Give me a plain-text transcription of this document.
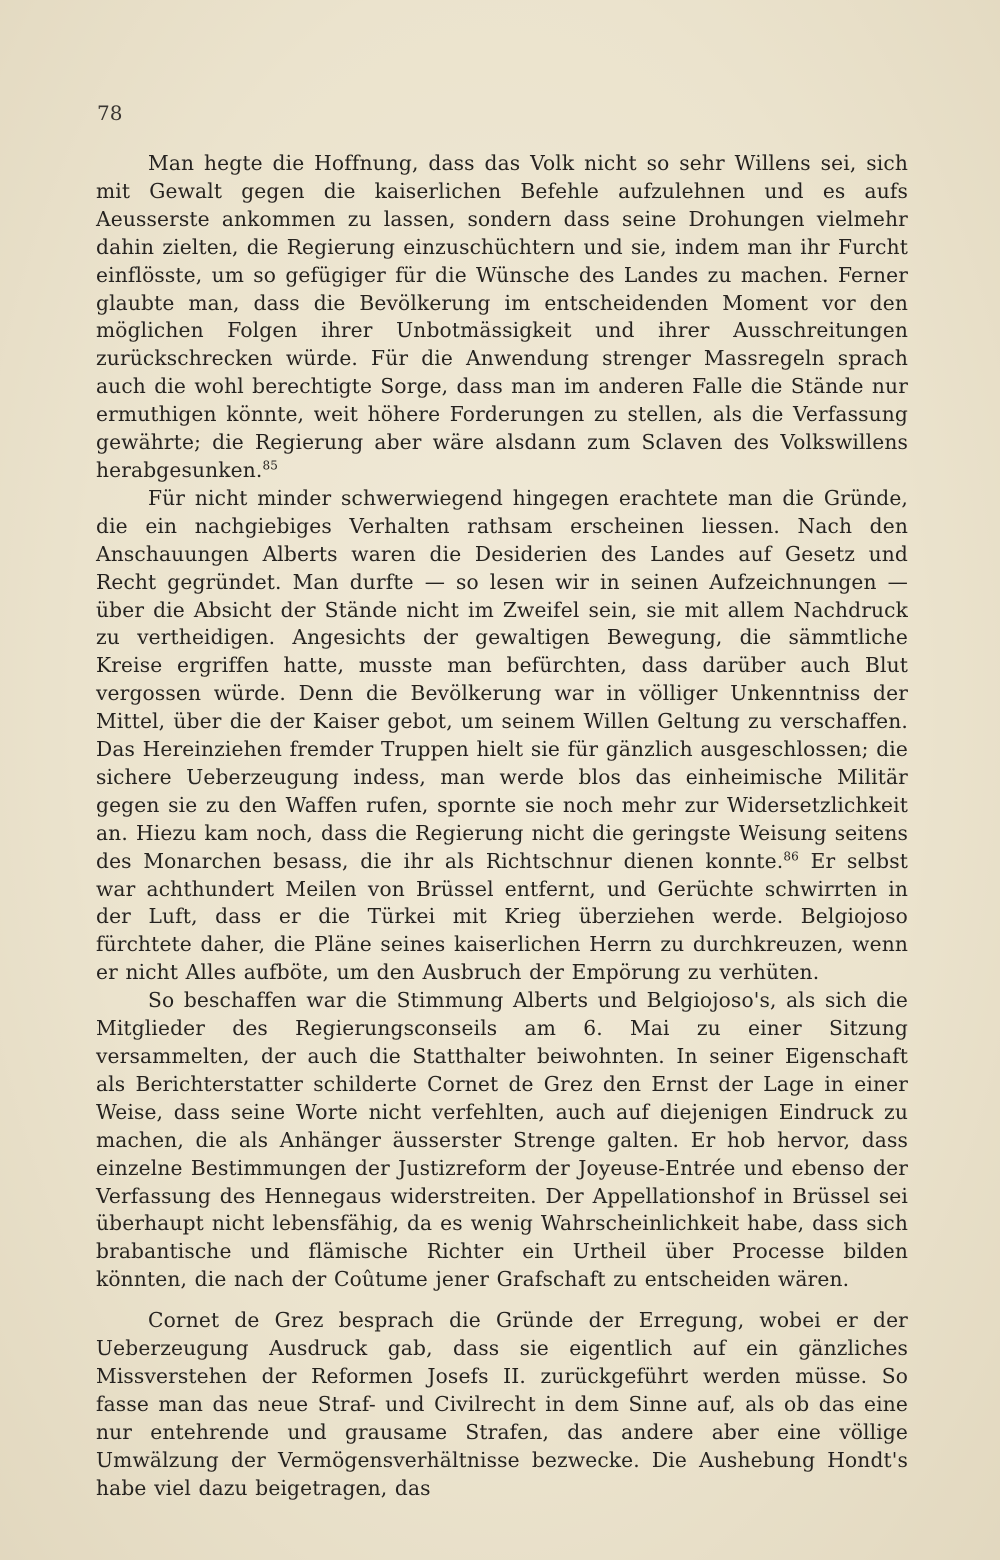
78

Man hegte die Hoffnung, dass das Volk nicht so sehr Willens sei, sich mit Gewalt gegen die kaiserlichen Befehle aufzulehnen und es aufs Aeusserste ankommen zu lassen, sondern dass seine Drohungen vielmehr dahin zielten, die Regierung einzuschüchtern und sie, indem man ihr Furcht einflösste, um so gefügiger für die Wünsche des Landes zu machen. Ferner glaubte man, dass die Bevölkerung im entscheidenden Moment vor den möglichen Folgen ihrer Unbotmässigkeit und ihrer Ausschreitungen zurückschrecken würde. Für die Anwendung strenger Massregeln sprach auch die wohl berechtigte Sorge, dass man im anderen Falle die Stände nur ermuthigen könnte, weit höhere Forderungen zu stellen, als die Verfassung gewährte; die Regierung aber wäre alsdann zum Sclaven des Volkswillens herabgesunken.$^{85}$

Für nicht minder schwerwiegend hingegen erachtete man die Gründe, die ein nachgiebiges Verhalten rathsam erscheinen liessen. Nach den Anschauungen Alberts waren die Desiderien des Landes auf Gesetz und Recht gegründet. Man durfte — so lesen wir in seinen Aufzeichnungen — über die Absicht der Stände nicht im Zweifel sein, sie mit allem Nachdruck zu vertheidigen. Angesichts der gewaltigen Bewegung, die sämmtliche Kreise ergriffen hatte, musste man befürchten, dass darüber auch Blut vergossen würde. Denn die Bevölkerung war in völliger Unkenntniss der Mittel, über die der Kaiser gebot, um seinem Willen Geltung zu verschaffen. Das Hereinziehen fremder Truppen hielt sie für gänzlich ausgeschlossen; die sichere Ueberzeugung indess, man werde blos das einheimische Militär gegen sie zu den Waffen rufen, spornte sie noch mehr zur Widersetzlichkeit an. Hiezu kam noch, dass die Regierung nicht die geringste Weisung seitens des Monarchen besass, die ihr als Richtschnur dienen konnte.$^{86}$ Er selbst war achthundert Meilen von Brüssel entfernt, und Gerüchte schwirrten in der Luft, dass er die Türkei mit Krieg überziehen werde. Belgiojoso fürchtete daher, die Pläne seines kaiserlichen Herrn zu durchkreuzen, wenn er nicht Alles aufböte, um den Ausbruch der Empörung zu verhüten.

So beschaffen war die Stimmung Alberts und Belgiojoso's, als sich die Mitglieder des Regierungsconseils am 6. Mai zu einer Sitzung versammelten, der auch die Statthalter beiwohnten. In seiner Eigenschaft als Berichterstatter schilderte Cornet de Grez den Ernst der Lage in einer Weise, dass seine Worte nicht verfehlten, auch auf diejenigen Eindruck zu machen, die als Anhänger äusserster Strenge galten. Er hob hervor, dass einzelne Bestimmungen der Justizreform der Joyeuse-Entrée und ebenso der Verfassung des Hennegaus widerstreiten. Der Appellationshof in Brüssel sei überhaupt nicht lebensfähig, da es wenig Wahrscheinlichkeit habe, dass sich brabantische und flämische Richter ein Urtheil über Processe bilden könnten, die nach der Coûtume jener Grafschaft zu entscheiden wären.

Cornet de Grez besprach die Gründe der Erregung, wobei er der Ueberzeugung Ausdruck gab, dass sie eigentlich auf ein gänzliches Missverstehen der Reformen Josefs II. zurückgeführt werden müsse. So fasse man das neue Straf- und Civilrecht in dem Sinne auf, als ob das eine nur entehrende und grausame Strafen, das andere aber eine völlige Umwälzung der Vermögensverhältnisse bezwecke. Die Aushebung Hondt's habe viel dazu beigetragen, das
